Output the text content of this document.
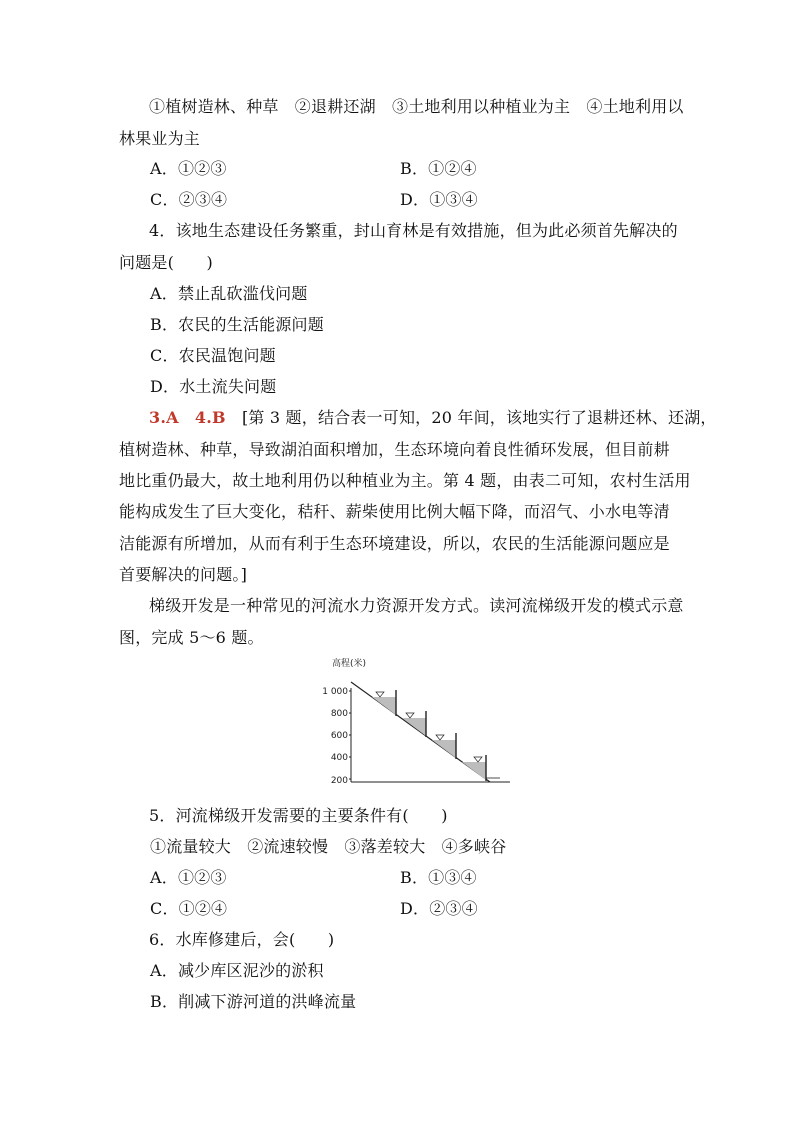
①植树造林、种草　②退耕还湖　③土地利用以种植业为主　④土地利用以
林果业为主
A．①②③	B．①②④
C．②③④	D．①③④
4．该地生态建设任务繁重，封山育林是有效措施，但为此必须首先解决的
问题是(　　)
A．禁止乱砍滥伐问题
B．农民的生活能源问题
C．农民温饱问题
D．水土流失问题
3.A　4.B　[第 3 题，结合表一可知，20 年间，该地实行了退耕还林、还湖，
植树造林、种草，导致湖泊面积增加，生态环境向着良性循环发展，但目前耕
地比重仍最大，故土地利用仍以种植业为主。第 4 题，由表二可知，农村生活用
能构成发生了巨大变化，秸秆、薪柴使用比例大幅下降，而沼气、小水电等清
洁能源有所增加，从而有利于生态环境建设，所以，农民的生活能源问题应是
首要解决的问题。]
梯级开发是一种常见的河流水力资源开发方式。读河流梯级开发的模式示意
图，完成 5～6 题。
高程(米)
1 000
800
600
400
200
5．河流梯级开发需要的主要条件有(　　)
①流量较大　②流速较慢　③落差较大　④多峡谷
A．①②③	B．①③④
C．①②④	D．②③④
6．水库修建后，会(　　)
A．减少库区泥沙的淤积
B．削减下游河道的洪峰流量
